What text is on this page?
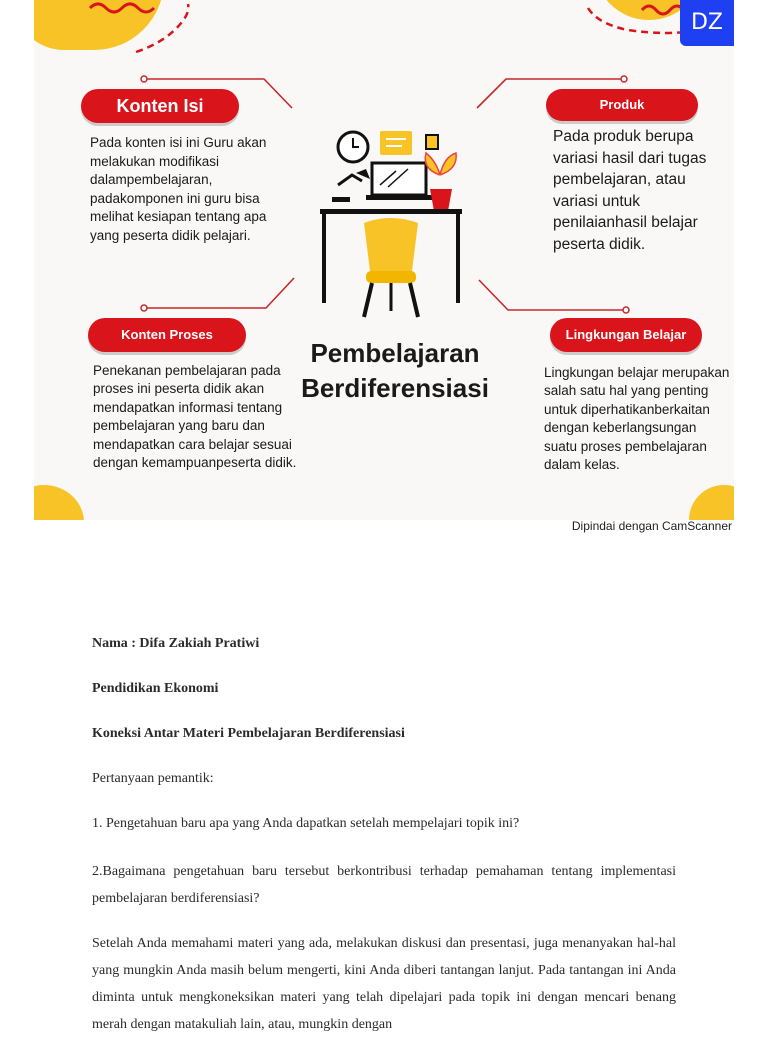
Konten Isi

Pada konten isi ini Guru akan melakukan modifikasi dalampembelajaran, padakomponen ini guru bisa melihat kesiapan tentang apa yang peserta didik pelajari.

Produk

Pada produk berupa variasi hasil dari tugas pembelajaran, atau variasi untuk penilaianhasil belajar peserta didik.

Konten Proses

Penekanan pembelajaran pada proses ini peserta didik akan mendapatkan informasi tentang pembelajaran yang baru dan mendapatkan cara belajar sesuai dengan kemampuanpeserta didik.

Lingkungan Belajar

Lingkungan belajar merupakan salah satu hal yang penting untuk diperhatikanberkaitan dengan keberlangsungan suatu proses pembelajaran dalam kelas.

Pembelajaran
Berdiferensiasi

DZ
Dipindai dengan CamScanner

Nama : Difa Zakiah Pratiwi

Pendidikan Ekonomi

Koneksi Antar Materi Pembelajaran Berdiferensiasi

Pertanyaan pemantik:

1. Pengetahuan baru apa yang Anda dapatkan setelah mempelajari topik ini?

2.Bagaimana pengetahuan baru tersebut berkontribusi terhadap pemahaman tentang implementasi pembelajaran berdiferensiasi?

Setelah Anda memahami materi yang ada, melakukan diskusi dan presentasi, juga menanyakan hal-hal yang mungkin Anda masih belum mengerti, kini Anda diberi tantangan lanjut. Pada tantangan ini Anda diminta untuk mengkoneksikan materi yang telah dipelajari pada topik ini dengan mencari benang merah dengan matakuliah lain, atau, mungkin dengan
